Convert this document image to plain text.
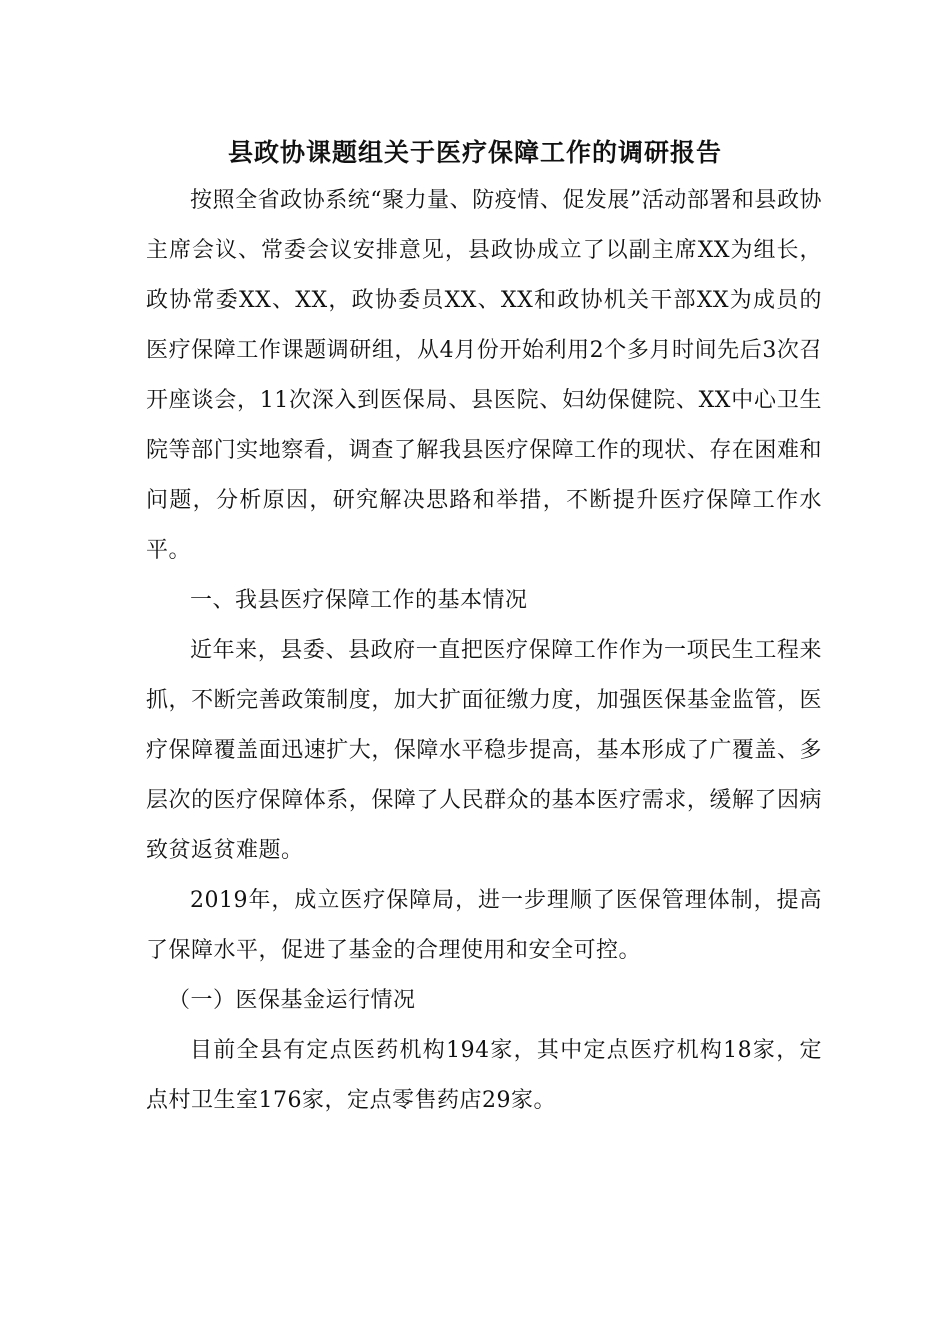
县政协课题组关于医疗保障工作的调研报告

按照全省政协系统“聚力量、防疫情、促发展”活动部署和县政协主席会议、常委会议安排意见，县政协成立了以副主席XX为组长，政协常委XX、XX，政协委员XX、XX和政协机关干部XX为成员的医疗保障工作课题调研组，从4月份开始利用2个多月时间先后3次召开座谈会，11次深入到医保局、县医院、妇幼保健院、XX中心卫生院等部门实地察看，调查了解我县医疗保障工作的现状、存在困难和问题，分析原因，研究解决思路和举措，不断提升医疗保障工作水平。

一、我县医疗保障工作的基本情况

近年来，县委、县政府一直把医疗保障工作作为一项民生工程来抓，不断完善政策制度，加大扩面征缴力度，加强医保基金监管，医疗保障覆盖面迅速扩大，保障水平稳步提高，基本形成了广覆盖、多层次的医疗保障体系，保障了人民群众的基本医疗需求，缓解了因病致贫返贫难题。

2019年，成立医疗保障局，进一步理顺了医保管理体制，提高了保障水平，促进了基金的合理使用和安全可控。

（一）医保基金运行情况

目前全县有定点医药机构194家，其中定点医疗机构18家，定点村卫生室176家，定点零售药店29家。
